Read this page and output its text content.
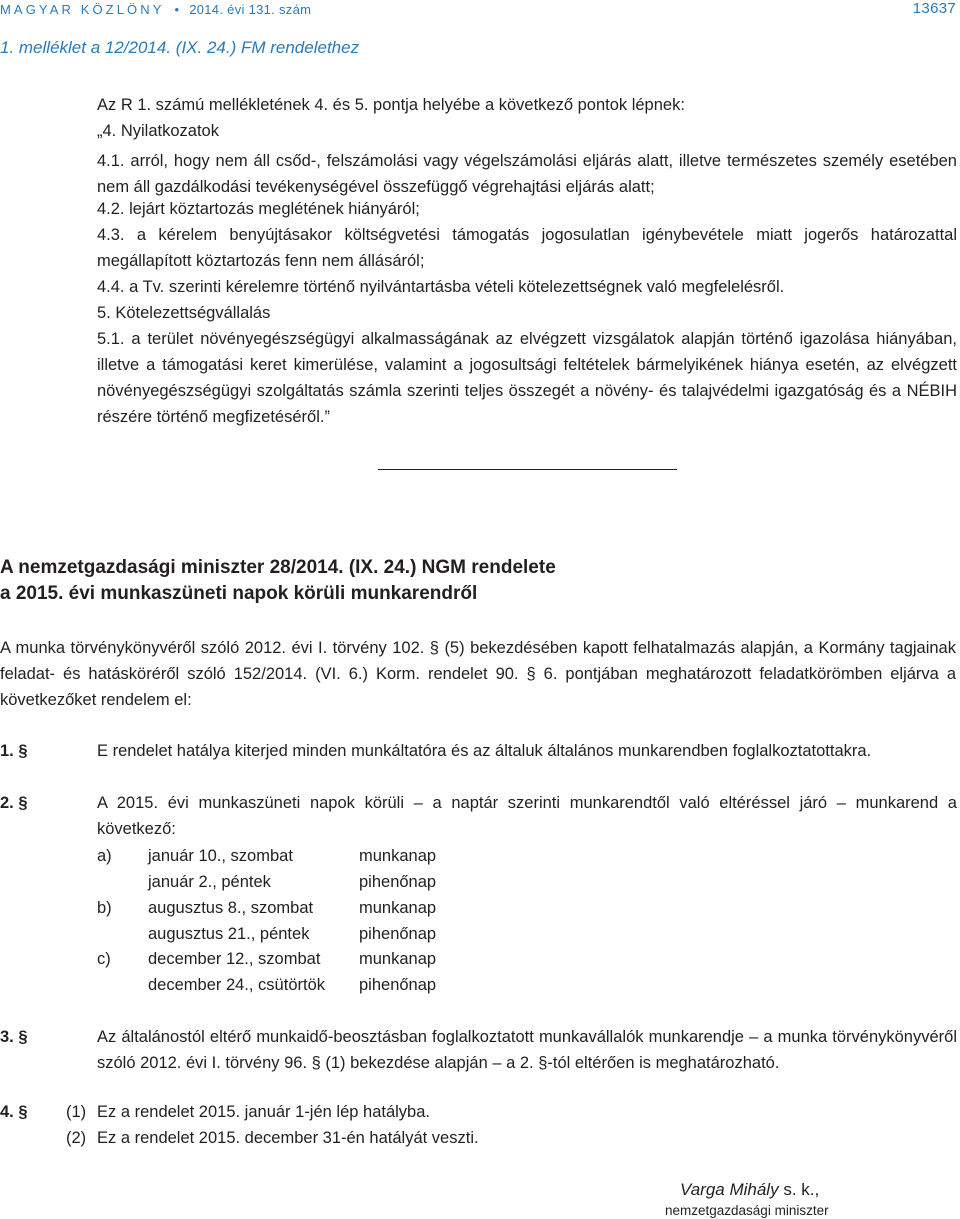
MAGYAR KÖZLÖNY • 2014. évi 131. szám	13637
1. melléklet a 12/2014. (IX. 24.) FM rendelethez
Az R 1. számú mellékletének 4. és 5. pontja helyébe a következő pontok lépnek:
„4. Nyilatkozatok
4.1. arról, hogy nem áll csőd-, felszámolási vagy végelszámolási eljárás alatt, illetve természetes személy esetében nem áll gazdálkodási tevékenységével összefüggő végrehajtási eljárás alatt;
4.2. lejárt köztartozás meglétének hiányáról;
4.3. a kérelem benyújtásakor költségvetési támogatás jogosulatlan igénybevétele miatt jogerős határozattal megállapított köztartozás fenn nem állásáról;
4.4. a Tv. szerinti kérelemre történő nyilvántartásba vételi kötelezettségnek való megfelelésről.
5. Kötelezettségvállalás
5.1. a terület növényegészségügyi alkalmasságának az elvégzett vizsgálatok alapján történő igazolása hiányában, illetve a támogatási keret kimerülése, valamint a jogosultsági feltételek bármelyikének hiánya esetén, az elvégzett növényegészségügyi szolgáltatás számla szerinti teljes összegét a növény- és talajvédelmi igazgatóság és a NÉBIH részére történő megfizetéséről.”
A nemzetgazdasági miniszter 28/2014. (IX. 24.) NGM rendelete
a 2015. évi munkaszüneti napok körüli munkarendről
A munka törvénykönyvéről szóló 2012. évi I. törvény 102. § (5) bekezdésében kapott felhatalmazás alapján, a Kormány tagjainak feladat- és hatásköréről szóló 152/2014. (VI. 6.) Korm. rendelet 90. § 6. pontjában meghatározott feladatkörömben eljárva a következőket rendelem el:
1. §	E rendelet hatálya kiterjed minden munkáltatóra és az általuk általános munkarendben foglalkoztatottakra.
2. §	A 2015. évi munkaszüneti napok körüli – a naptár szerinti munkarendtől való eltéréssel járó – munkarend a következő:
a) január 10., szombat	munkanap
január 2., péntek	pihenőnap
b) augusztus 8., szombat	munkanap
augusztus 21., péntek	pihenőnap
c) december 12., szombat munkanap
december 24., csütörtök pihenőnap
3. §	Az általánostól eltérő munkaidő-beosztásban foglalkoztatott munkavállalók munkarendje – a munka törvénykönyvéről szóló 2012. évi I. törvény 96. § (1) bekezdése alapján – a 2. §-tól eltérően is meghatározható.
4. § (1) Ez a rendelet 2015. január 1-jén lép hatályba.
(2) Ez a rendelet 2015. december 31-én hatályát veszti.
Varga Mihály s. k.,
nemzetgazdasági miniszter
